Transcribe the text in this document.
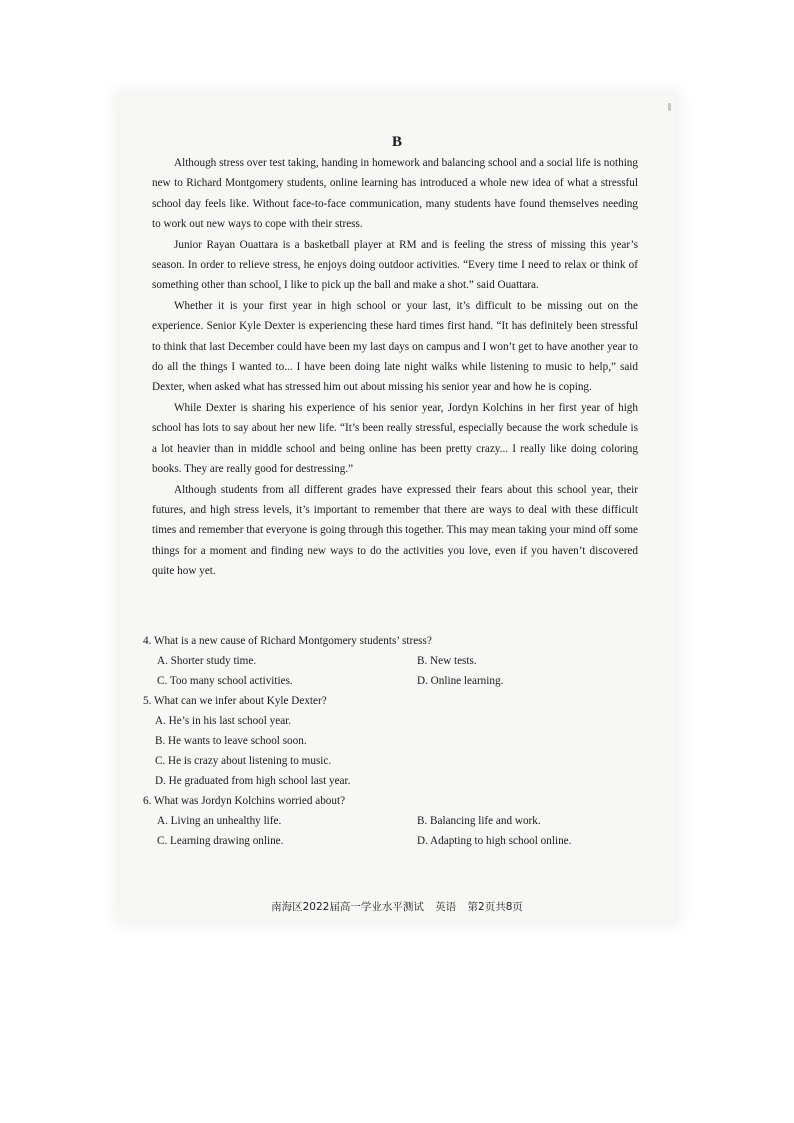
B

Although stress over test taking, handing in homework and balancing school and a social life is nothing new to Richard Montgomery students, online learning has introduced a whole new idea of what a stressful school day feels like. Without face-to-face communication, many students have found themselves needing to work out new ways to cope with their stress.

Junior Rayan Ouattara is a basketball player at RM and is feeling the stress of missing this year’s season. In order to relieve stress, he enjoys doing outdoor activities. “Every time I need to relax or think of something other than school, I like to pick up the ball and make a shot.” said Ouattara.

Whether it is your first year in high school or your last, it’s difficult to be missing out on the experience. Senior Kyle Dexter is experiencing these hard times first hand. “It has definitely been stressful to think that last December could have been my last days on campus and I won’t get to have another year to do all the things I wanted to... I have been doing late night walks while listening to music to help,” said Dexter, when asked what has stressed him out about missing his senior year and how he is coping.

While Dexter is sharing his experience of his senior year, Jordyn Kolchins in her first year of high school has lots to say about her new life. “It’s been really stressful, especially because the work schedule is a lot heavier than in middle school and being online has been pretty crazy... I really like doing coloring books. They are really good for destressing.”

Although students from all different grades have expressed their fears about this school year, their futures, and high stress levels, it’s important to remember that there are ways to deal with these difficult times and remember that everyone is going through this together. This may mean taking your mind off some things for a moment and finding new ways to do the activities you love, even if you haven’t discovered quite how yet.

4. What is a new cause of Richard Montgomery students’ stress?

A. Shorter study time.	B. New tests.

C. Too many school activities.	D. Online learning.

5. What can we infer about Kyle Dexter?

A. He’s in his last school year.

B. He wants to leave school soon.

C. He is crazy about listening to music.

D. He graduated from high school last year.

6. What was Jordyn Kolchins worried about?

A. Living an unhealthy life.	B. Balancing life and work.

C. Learning drawing online.	D. Adapting to high school online.

南海区2022届高一学业水平测试 英语 第2页共8页
